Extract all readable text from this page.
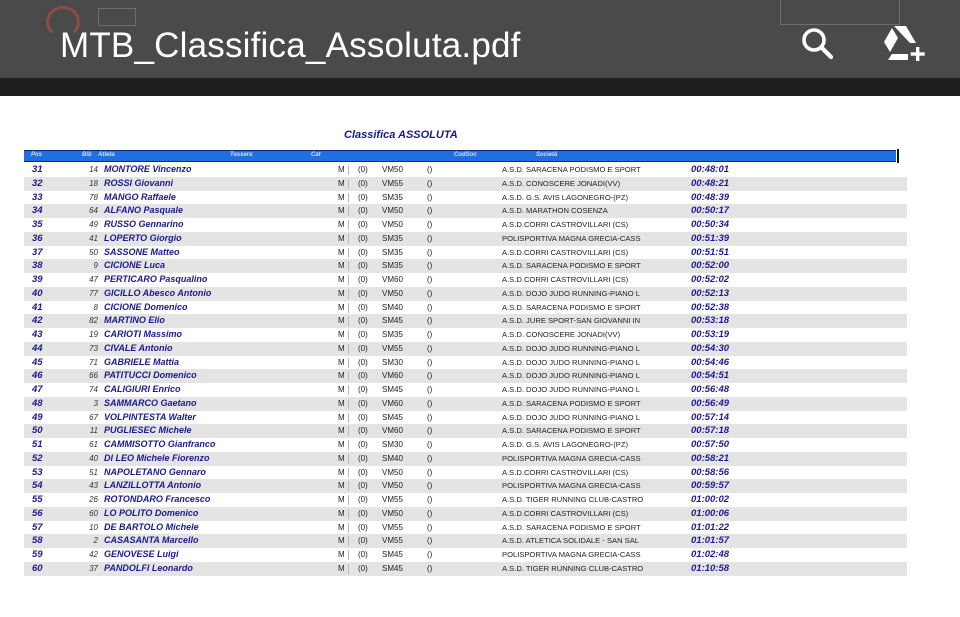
MTB_Classifica_Assoluta.pdf
Classifica ASSOLUTA
Pos	Bib Atleta	Tessera	Cat	CodSoc	Società
31	14 MONTORE Vincenzo	M (0) VM50	()	A.S.D. SARACENA PODISMO E SPORT	00:48:01
32	18 ROSSI Giovanni	M (0) VM55	()	A.S.D. CONOSCERE JONADI(VV)	00:48:21
33	78 MANGO Raffaele	M (0) SM35	()	A.S.D. G.S. AVIS LAGONEGRO-(PZ)	00:48:39
34	64 ALFANO Pasquale	M (0) VM50	()	A.S.D. MARATHON COSENZA	00:50:17
35	49 RUSSO Gennarino	M (0) VM50	()	A.S.D.CORRI CASTROVILLARI (CS)	00:50:34
36	41 LOPERTO Giorgio	M (0) SM35	()	POLISPORTIVA MAGNA GRECIA-CASS	00:51:39
37	50 SASSONE Matteo	M (0) SM35	()	A.S.D.CORRI CASTROVILLARI (CS)	00:51:51
38	9 CICIONE Luca	M (0) SM35	()	A.S.D. SARACENA PODISMO E SPORT	00:52:00
39	47 PERTICARO Pasqualino	M (0) VM60	()	A.S.D.CORRI CASTROVILLARI (CS)	00:52:02
40	77 GICILLO Abesco Antonio	M (0) VM50	()	A.S.D. DOJO JUDO RUNNING-PIANO L	00:52:13
41	8 CICIONE Domenico	M (0) SM40	()	A.S.D. SARACENA PODISMO E SPORT	00:52:38
42	82 MARTINO Elio	M (0) SM45	()	A.S.D. JURE SPORT-SAN GIOVANNI IN	00:53:18
43	19 CARIOTI Massimo	M (0) SM35	()	A.S.D. CONOSCERE JONADI(VV)	00:53:19
44	73 CIVALE Antonio	M (0) VM55	()	A.S.D. DOJO JUDO RUNNING-PIANO L	00:54:30
45	71 GABRIELE Mattia	M (0) SM30	()	A.S.D. DOJO JUDO RUNNING-PIANO L	00:54:46
46	66 PATITUCCI Domenico	M (0) VM60	()	A.S.D. DOJO JUDO RUNNING-PIANO L	00:54:51
47	74 CALIGIURI Enrico	M (0) SM45	()	A.S.D. DOJO JUDO RUNNING-PIANO L	00:56:48
48	3 SAMMARCO Gaetano	M (0) VM60	()	A.S.D. SARACENA PODISMO E SPORT	00:56:49
49	67 VOLPINTESTA Walter	M (0) SM45	()	A.S.D. DOJO JUDO RUNNING-PIANO L	00:57:14
50	11 PUGLIESEC Michele	M (0) VM60	()	A.S.D. SARACENA PODISMO E SPORT	00:57:18
51	61 CAMMISOTTO Gianfranco	M (0) SM30	()	A.S.D. G.S. AVIS LAGONEGRO-(PZ)	00:57:50
52	40 DI LEO Michele Fiorenzo	M (0) SM40	()	POLISPORTIVA MAGNA GRECIA-CASS	00:58:21
53	51 NAPOLETANO Gennaro	M (0) VM50	()	A.S.D.CORRI CASTROVILLARI (CS)	00:58:56
54	43 LANZILLOTTA Antonio	M (0) VM50	()	POLISPORTIVA MAGNA GRECIA-CASS	00:59:57
55	26 ROTONDARO Francesco	M (0) VM55	()	A.S.D. TIGER RUNNING CLUB-CASTRO	01:00:02
56	60 LO POLITO Domenico	M (0) VM50	()	A.S.D.CORRI CASTROVILLARI (CS)	01:00:06
57	10 DE BARTOLO Michele	M (0) VM55	()	A.S.D. SARACENA PODISMO E SPORT	01:01:22
58	2 CASASANTA Marcello	M (0) VM55	()	A.S.D. ATLETICA SOLIDALE - SAN SAL	01:01:57
59	42 GENOVESE Luigi	M (0) SM45	()	POLISPORTIVA MAGNA GRECIA-CASS	01:02:48
60	37 PANDOLFI Leonardo	M (0) SM45	()	A.S.D. TIGER RUNNING CLUB-CASTRO	01:10:58
